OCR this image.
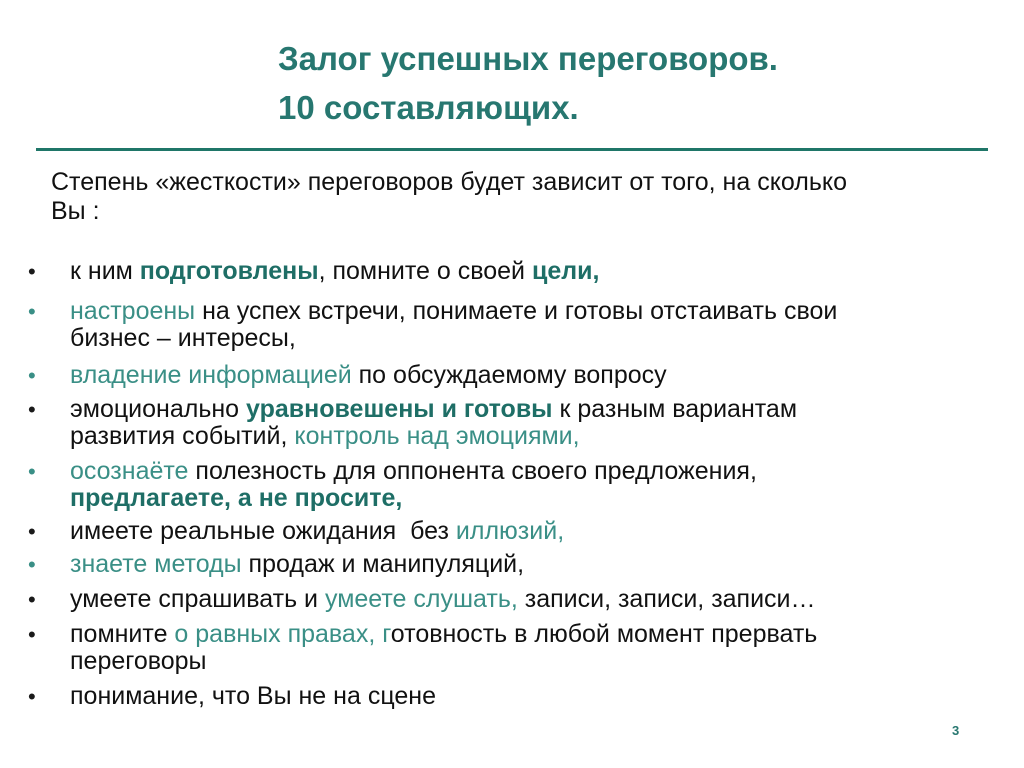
Залог успешных переговоров.
10 составляющих.
Степень «жесткости» переговоров будет зависит от того, на сколько
Вы :
•	к ним подготовлены, помните о своей цели,
•	настроены на успех встречи, понимаете и готовы отстаивать свои
бизнес – интересы,
•	владение информацией по обсуждаемому вопросу
•	эмоционально уравновешены и готовы к разным вариантам
развития событий, контроль над эмоциями,
•	осознаёте полезность для оппонента своего предложения,
предлагаете, а не просите,
•	имеете реальные ожидания  без иллюзий,
•	знаете методы продаж и манипуляций,
•	умеете спрашивать и умеете слушать, записи, записи, записи…
•	помните о равных правах, готовность в любой момент прервать
переговоры
•	понимание, что Вы не на сцене
3
